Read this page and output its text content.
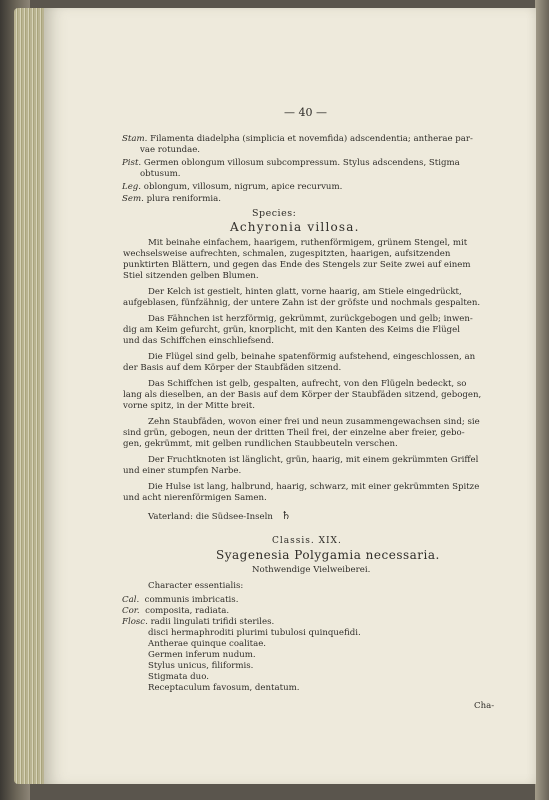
— 40 —
Stam. Filamenta diadelpha (simplicia et novemfida) adscendentia; antherae par-
vae rotundae.
Pist. Germen oblongum villosum subcompressum. Stylus adscendens, Stigma
obtusum.
Leg. oblongum, villosum, nigrum, apice recurvum.
Sem. plura reniformia.
Species:
Achyronia villosa.
Mit beinahe einfachem, haarigem, ruthenförmigem, grünem Stengel, mit
wechselsweise aufrechten, schmalen, zugespitzten, haarigen, aufsitzenden
punktirten Blättern, und gegen das Ende des Stengels zur Seite zwei auf einem
Stiel sitzenden gelben Blumen.
Der Kelch ist gestielt, hinten glatt, vorne haarig, am Stiele eingedrückt,
aufgeblasen, fünfzähnig, der untere Zahn ist der gröfste und nochmals gespalten.
Das Fähnchen ist herzförmig, gekrümmt, zurückgebogen und gelb; inwen-
dig am Keim gefurcht, grün, knorplicht, mit den Kanten des Keims die Flügel
und das Schiffchen einschliefsend.
Die Flügel sind gelb, beinahe spatenförmig aufstehend, eingeschlossen, an
der Basis auf dem Körper der Staubfäden sitzend.
Das Schiffchen ist gelb, gespalten, aufrecht, von den Flügeln bedeckt, so
lang als dieselben, an der Basis auf dem Körper der Staubfäden sitzend, gebogen,
vorne spitz, in der Mitte breit.
Zehn Staubfäden, wovon einer frei und neun zusammengewachsen sind; sie
sind grün, gebogen, neun der dritten Theil frei, der einzelne aber freier, gebo-
gen, gekrümmt, mit gelben rundlichen Staubbeuteln verschen.
Der Fruchtknoten ist länglicht, grün, haarig, mit einem gekrümmten Griffel
und einer stumpfen Narbe.
Die Hulse ist lang, halbrund, haarig, schwarz, mit einer gekrümmten Spitze
und acht nierenförmigen Samen.
Vaterland: die Südsee-Inseln ♄
Classis. XIX.
Syagenesia Polygamia necessaria.
Nothwendige Vielweiberei.
Character essentialis:
Cal. communis imbricatis.
Cor. composita, radiata.
Flosc. radii lingulati trifidi steriles.
disci hermaphroditi plurimi tubulosi quinquefidi.
Antherae quinque coalitae.
Germen inferum nudum.
Stylus unicus, filiformis.
Stigmata duo.
Receptaculum favosum, dentatum.
Cha-
